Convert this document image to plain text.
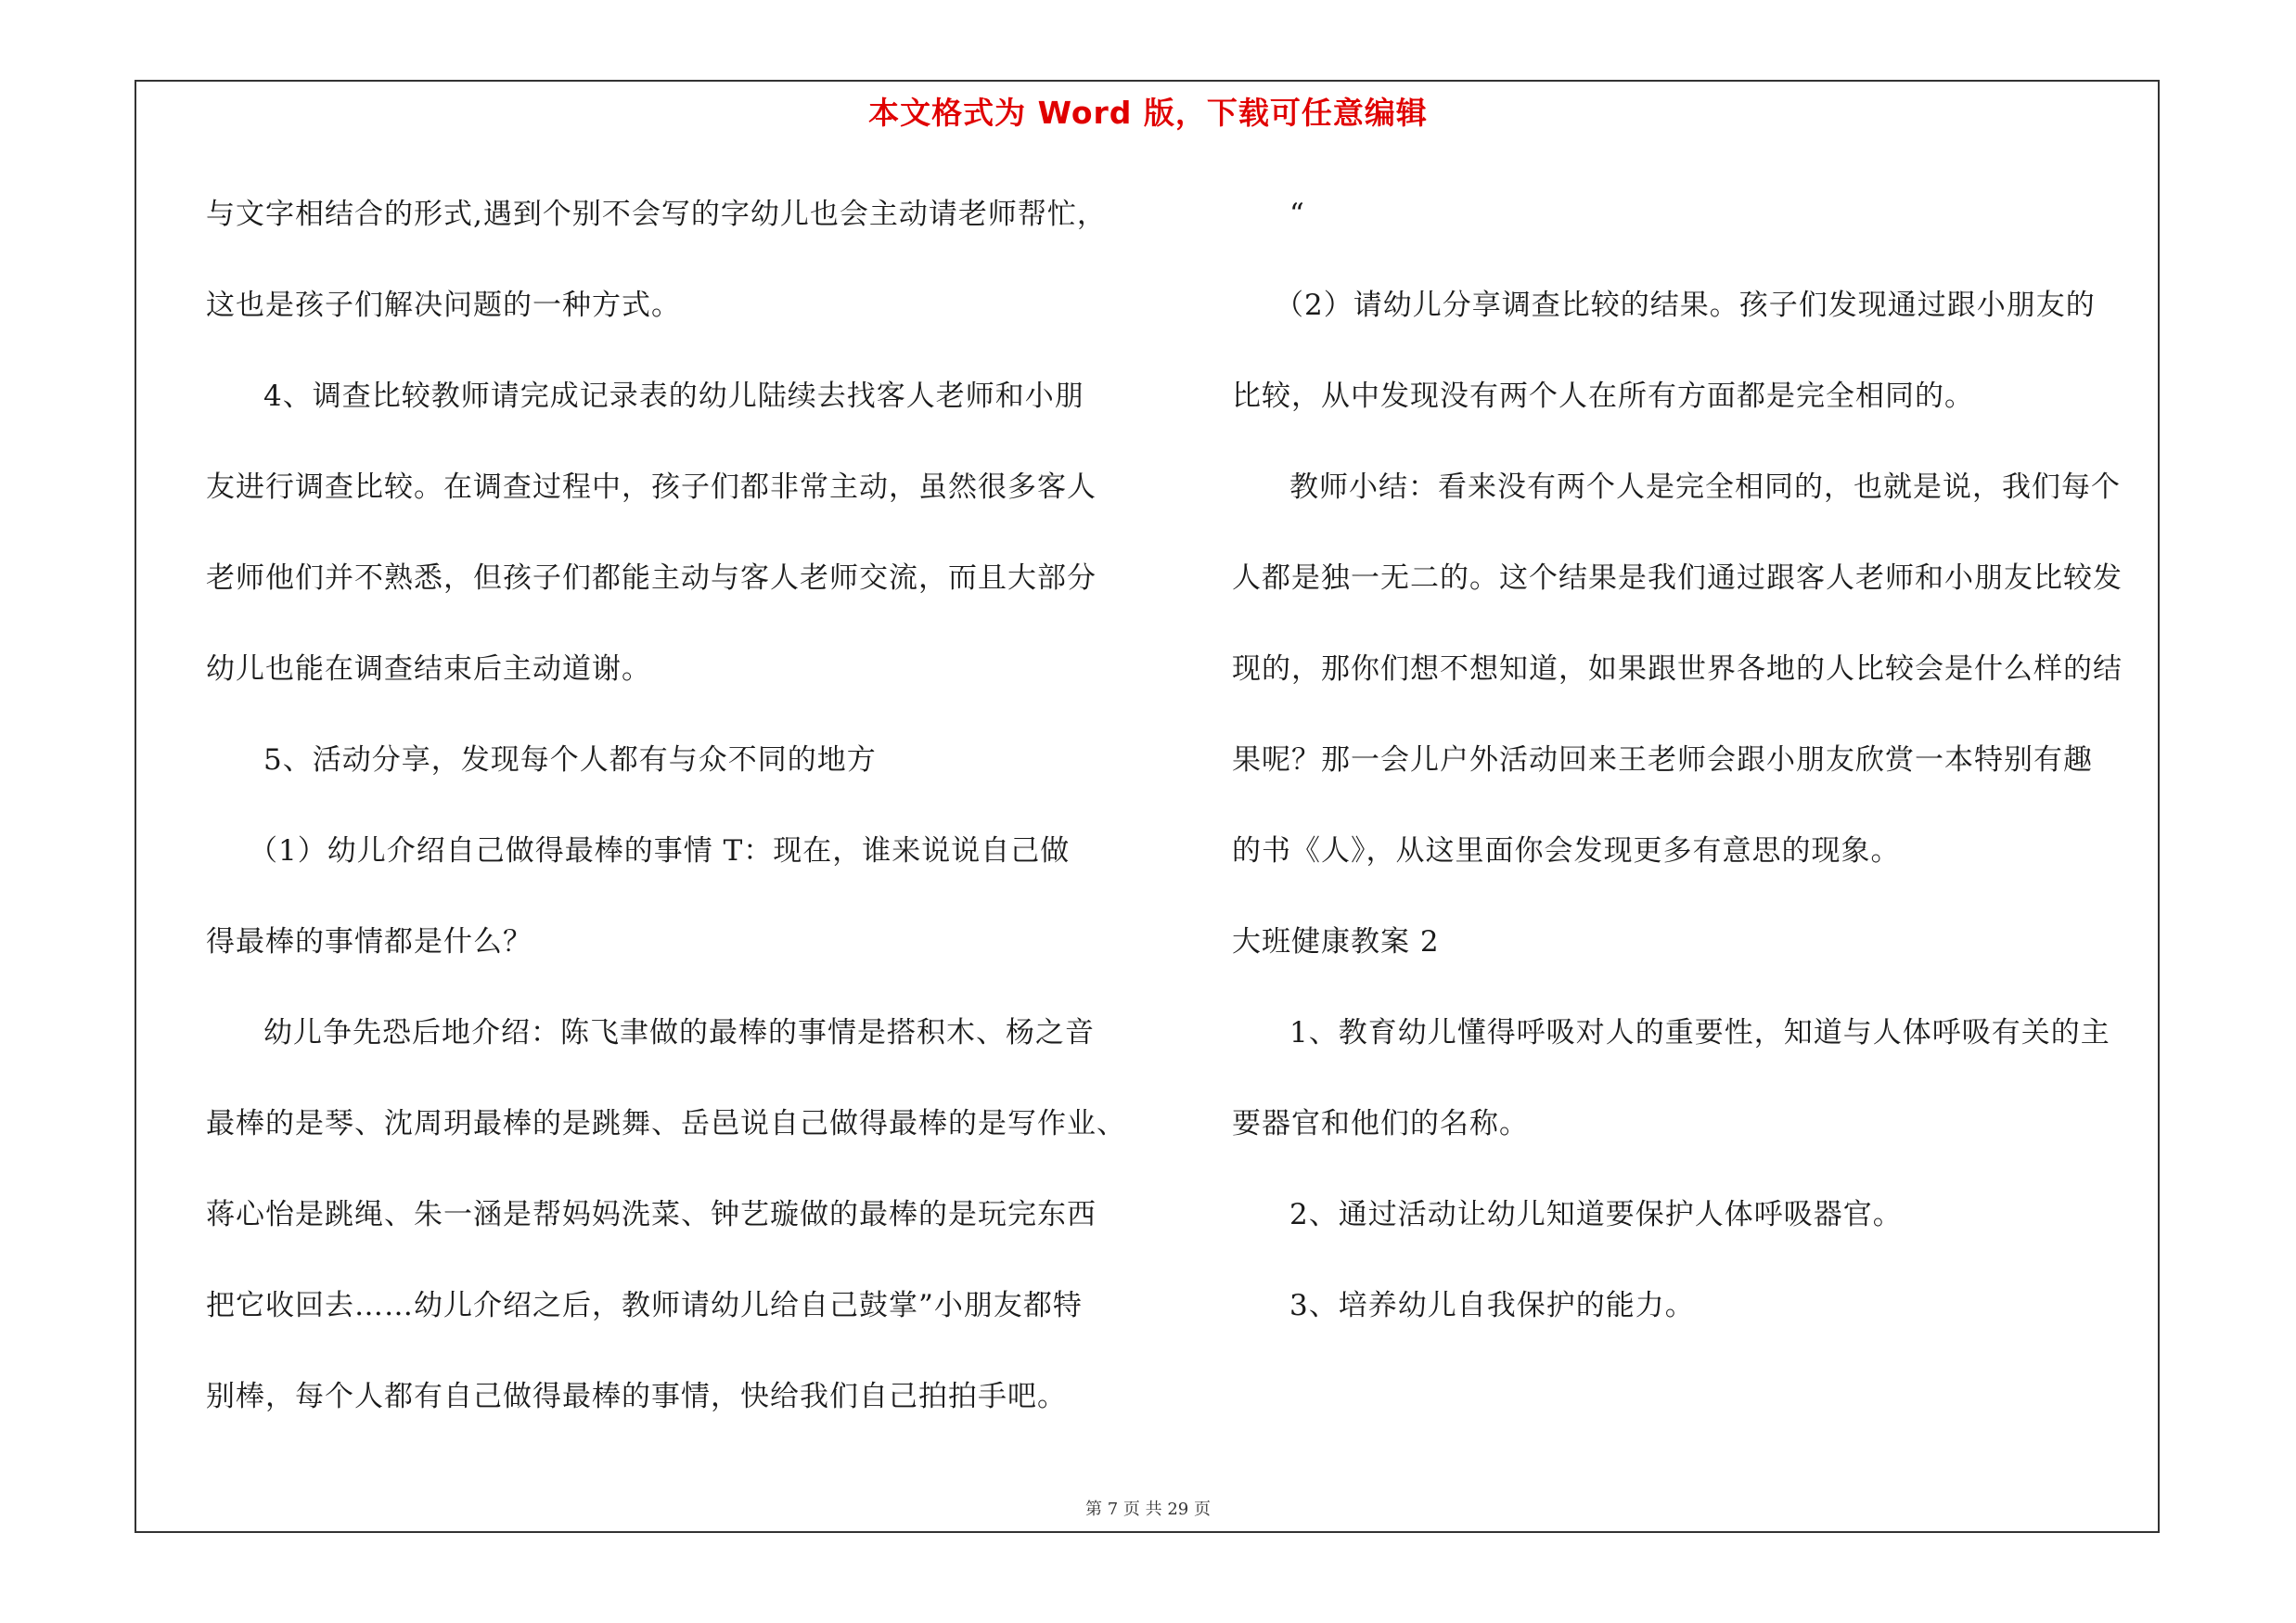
本文格式为 Word 版，下载可任意编辑
与文字相结合的形式,遇到个别不会写的字幼儿也会主动请老师帮忙，
这也是孩子们解决问题的一种方式。
4、调查比较教师请完成记录表的幼儿陆续去找客人老师和小朋
友进行调查比较。在调查过程中，孩子们都非常主动，虽然很多客人
老师他们并不熟悉，但孩子们都能主动与客人老师交流，而且大部分
幼儿也能在调查结束后主动道谢。
5、活动分享，发现每个人都有与众不同的地方
（1）幼儿介绍自己做得最棒的事情 T：现在，谁来说说自己做
得最棒的事情都是什么？
幼儿争先恐后地介绍：陈飞聿做的最棒的事情是搭积木、杨之音
最棒的是琴、沈周玥最棒的是跳舞、岳邑说自己做得最棒的是写作业、
蒋心怡是跳绳、朱一涵是帮妈妈洗菜、钟艺璇做的最棒的是玩完东西
把它收回去……幼儿介绍之后，教师请幼儿给自己鼓掌”小朋友都特
别棒，每个人都有自己做得最棒的事情，快给我们自己拍拍手吧。
“
（2）请幼儿分享调查比较的结果。孩子们发现通过跟小朋友的
比较，从中发现没有两个人在所有方面都是完全相同的。
教师小结：看来没有两个人是完全相同的，也就是说，我们每个
人都是独一无二的。这个结果是我们通过跟客人老师和小朋友比较发
现的，那你们想不想知道，如果跟世界各地的人比较会是什么样的结
果呢？那一会儿户外活动回来王老师会跟小朋友欣赏一本特别有趣
的书《人》，从这里面你会发现更多有意思的现象。
大班健康教案 2
1、教育幼儿懂得呼吸对人的重要性，知道与人体呼吸有关的主
要器官和他们的名称。
2、通过活动让幼儿知道要保护人体呼吸器官。
3、培养幼儿自我保护的能力。
第 7 页 共 29 页
